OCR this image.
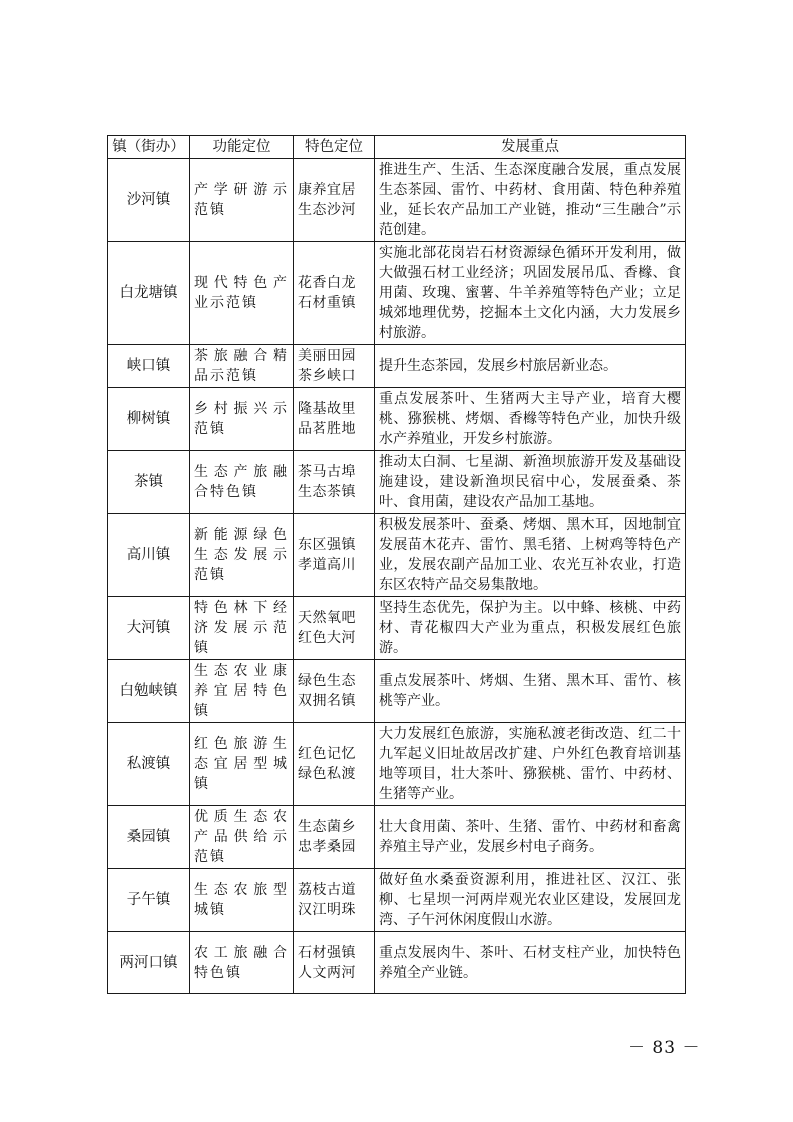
镇（街办）	功能定位	特色定位	发展重点
沙河镇	产学研游示范镇	康养宜居生态沙河	推进生产、生活、生态深度融合发展，重点发展生态茶园、雷竹、中药材、食用菌、特色种养殖业，延长农产品加工产业链，推动“三生融合”示范创建。
白龙塘镇	现代特色产业示范镇	花香白龙石材重镇	实施北部花岗岩石材资源绿色循环开发利用，做大做强石材工业经济；巩固发展吊瓜、香橼、食用菌、玫瑰、蜜薯、牛羊养殖等特色产业；立足城郊地理优势，挖掘本土文化内涵，大力发展乡村旅游。
峡口镇	茶旅融合精品示范镇	美丽田园茶乡峡口	提升生态茶园，发展乡村旅居新业态。
柳树镇	乡村振兴示范镇	隆基故里品茗胜地	重点发展茶叶、生猪两大主导产业，培育大樱桃、猕猴桃、烤烟、香橼等特色产业，加快升级水产养殖业，开发乡村旅游。
茶镇	生态产旅融合特色镇	茶马古埠生态茶镇	推动太白洞、七星湖、新渔坝旅游开发及基础设施建设，建设新渔坝民宿中心，发展蚕桑、茶叶、食用菌，建设农产品加工基地。
高川镇	新能源绿色生态发展示范镇	东区强镇孝道高川	积极发展茶叶、蚕桑、烤烟、黑木耳，因地制宜发展苗木花卉、雷竹、黑毛猪、上树鸡等特色产业，发展农副产品加工业、农光互补农业，打造东区农特产品交易集散地。
大河镇	特色林下经济发展示范镇	天然氧吧红色大河	坚持生态优先，保护为主。以中蜂、核桃、中药材、青花椒四大产业为重点，积极发展红色旅游。
白勉峡镇	生态农业康养宜居特色镇	绿色生态双拥名镇	重点发展茶叶、烤烟、生猪、黑木耳、雷竹、核桃等产业。
私渡镇	红色旅游生态宜居型城镇	红色记忆绿色私渡	大力发展红色旅游，实施私渡老街改造、红二十九军起义旧址故居改扩建、户外红色教育培训基地等项目，壮大茶叶、猕猴桃、雷竹、中药材、生猪等产业。
桑园镇	优质生态农产品供给示范镇	生态菌乡忠孝桑园	壮大食用菌、茶叶、生猪、雷竹、中药材和畜禽养殖主导产业，发展乡村电子商务。
子午镇	生态农旅型城镇	荔枝古道汉江明珠	做好鱼水桑蚕资源利用，推进社区、汉江、张柳、七星坝一河两岸观光农业区建设，发展回龙湾、子午河休闲度假山水游。
两河口镇	农工旅融合特色镇	石材强镇人文两河	重点发展肉牛、茶叶、石材支柱产业，加快特色养殖全产业链。
－ 83 －
